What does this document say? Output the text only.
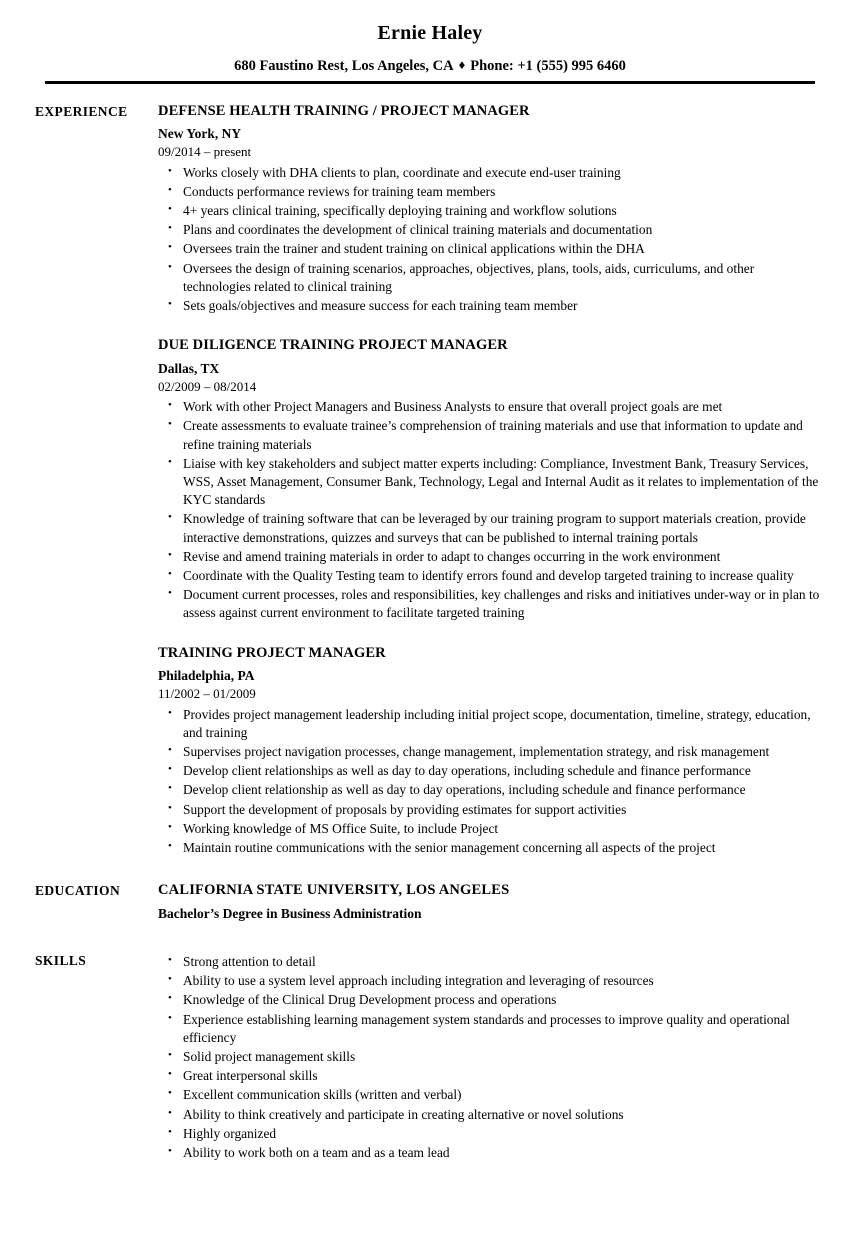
Ernie Haley
680 Faustino Rest, Los Angeles, CA ♦ Phone: +1 (555) 995 6460
EXPERIENCE	DEFENSE HEALTH TRAINING / PROJECT MANAGER
New York, NY
09/2014 – present
• Works closely with DHA clients to plan, coordinate and execute end-user training
• Conducts performance reviews for training team members
• 4+ years clinical training, specifically deploying training and workflow solutions
• Plans and coordinates the development of clinical training materials and documentation
• Oversees train the trainer and student training on clinical applications within the DHA
• Oversees the design of training scenarios, approaches, objectives, plans, tools, aids, curriculums, and other technologies related to clinical training
• Sets goals/objectives and measure success for each training team member
DUE DILIGENCE TRAINING PROJECT MANAGER
Dallas, TX
02/2009 – 08/2014
• Work with other Project Managers and Business Analysts to ensure that overall project goals are met
• Create assessments to evaluate trainee’s comprehension of training materials and use that information to update and refine training materials
• Liaise with key stakeholders and subject matter experts including: Compliance, Investment Bank, Treasury Services, WSS, Asset Management, Consumer Bank, Technology, Legal and Internal Audit as it relates to implementation of the KYC standards
• Knowledge of training software that can be leveraged by our training program to support materials creation, provide interactive demonstrations, quizzes and surveys that can be published to internal training portals
• Revise and amend training materials in order to adapt to changes occurring in the work environment
• Coordinate with the Quality Testing team to identify errors found and develop targeted training to increase quality
• Document current processes, roles and responsibilities, key challenges and risks and initiatives under-way or in plan to assess against current environment to facilitate targeted training
TRAINING PROJECT MANAGER
Philadelphia, PA
11/2002 – 01/2009
• Provides project management leadership including initial project scope, documentation, timeline, strategy, education, and training
• Supervises project navigation processes, change management, implementation strategy, and risk management
• Develop client relationships as well as day to day operations, including schedule and finance performance
• Develop client relationship as well as day to day operations, including schedule and finance performance
• Support the development of proposals by providing estimates for support activities
• Working knowledge of MS Office Suite, to include Project
• Maintain routine communications with the senior management concerning all aspects of the project
EDUCATION	CALIFORNIA STATE UNIVERSITY, LOS ANGELES
Bachelor’s Degree in Business Administration
SKILLS	• Strong attention to detail
• Ability to use a system level approach including integration and leveraging of resources
• Knowledge of the Clinical Drug Development process and operations
• Experience establishing learning management system standards and processes to improve quality and operational efficiency
• Solid project management skills
• Great interpersonal skills
• Excellent communication skills (written and verbal)
• Ability to think creatively and participate in creating alternative or novel solutions
• Highly organized
• Ability to work both on a team and as a team lead
